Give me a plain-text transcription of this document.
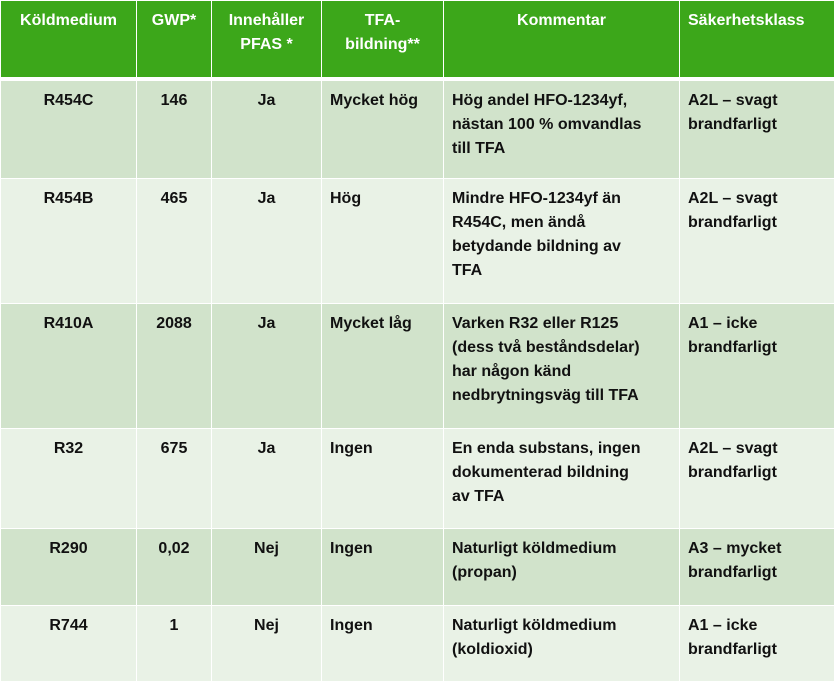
Köldmedium	GWP*	Innehåller
PFAS *	TFA-
bildning**	Kommentar	Säkerhetsklass
R454C	146	Ja	Mycket hög	Hög andel HFO-1234yf,
nästan 100 % omvandlas
till TFA	A2L – svagt
brandfarligt
R454B	465	Ja	Hög	Mindre HFO-1234yf än
R454C, men ändå
betydande bildning av
TFA	A2L – svagt
brandfarligt
R410A	2088	Ja	Mycket låg	Varken R32 eller R125
(dess två beståndsdelar)
har någon känd
nedbrytningsväg till TFA	A1 – icke
brandfarligt
R32	675	Ja	Ingen	En enda substans, ingen
dokumenterad bildning
av TFA	A2L – svagt
brandfarligt
R290	0,02	Nej	Ingen	Naturligt köldmedium
(propan)	A3 – mycket
brandfarligt
R744	1	Nej	Ingen	Naturligt köldmedium
(koldioxid)	A1 – icke
brandfarligt
